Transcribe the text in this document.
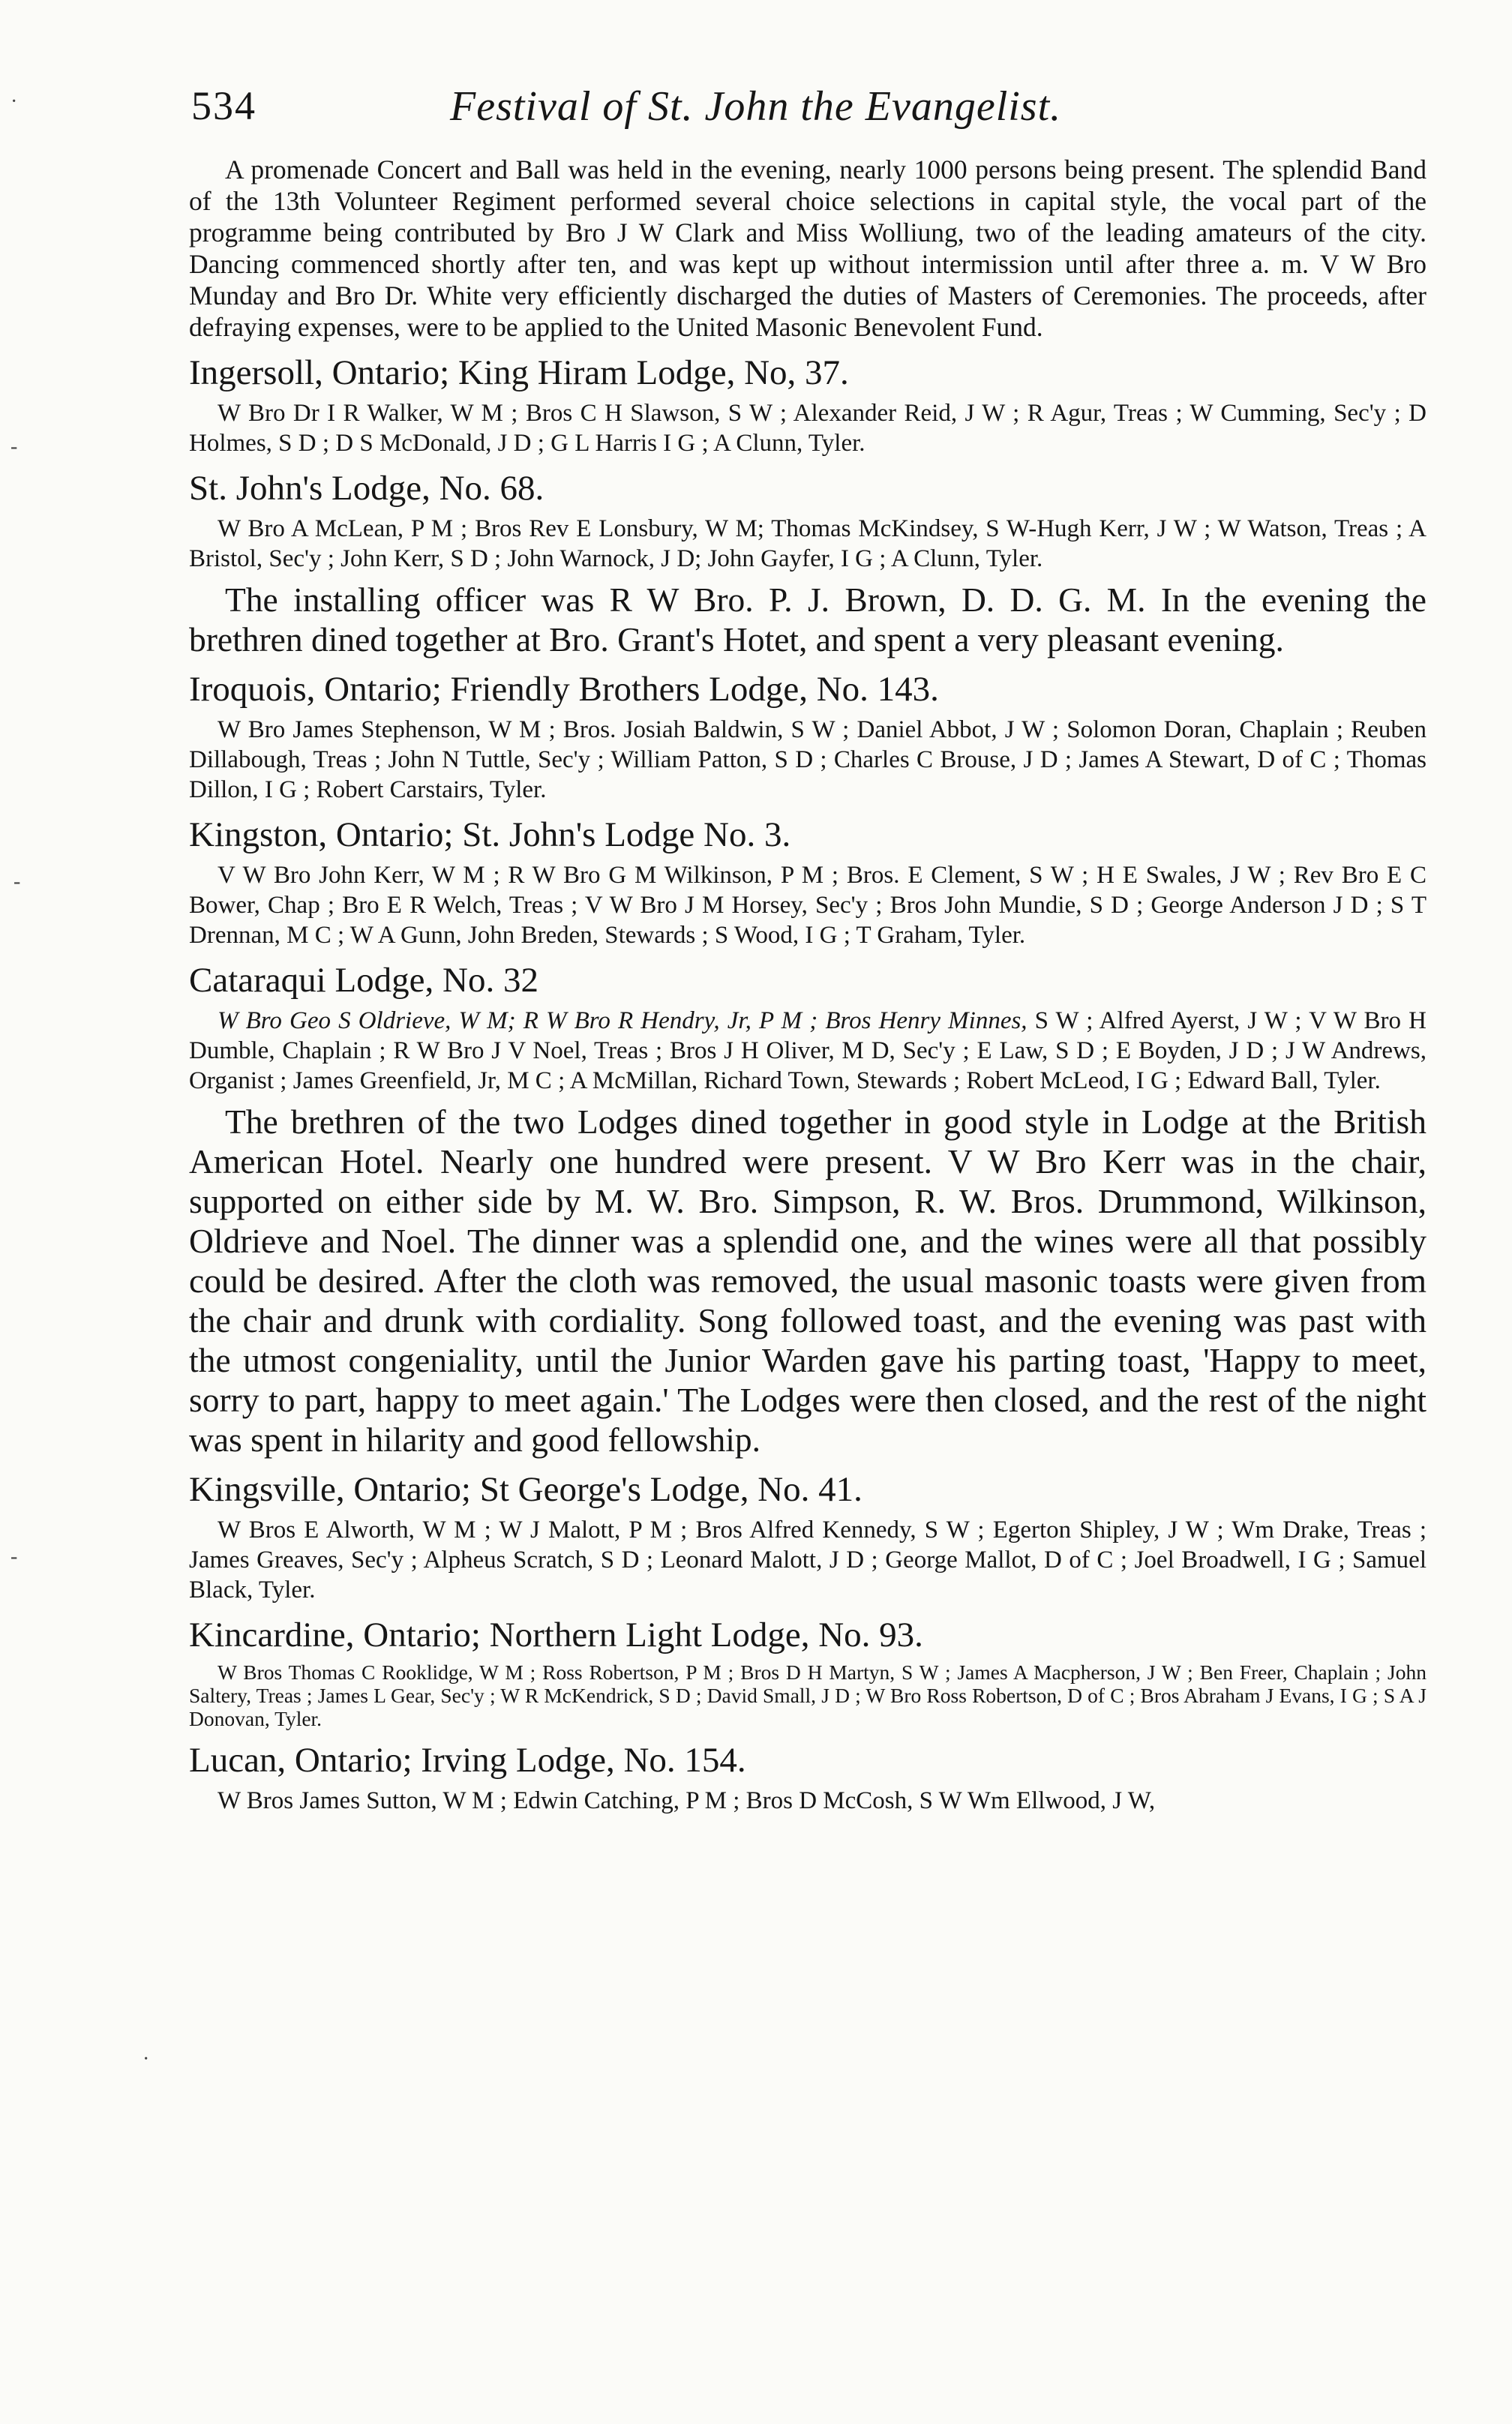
534	Festival of St. John the Evangelist.

A promenade Concert and Ball was held in the evening, nearly 1000 persons being present. The splendid Band of the 13th Volunteer Regiment performed several choice selections in capital style, the vocal part of the programme being contributed by Bro J W Clark and Miss Wolliung, two of the leading amateurs of the city. Dancing commenced shortly after ten, and was kept up without intermission until after three a. m. V W Bro Munday and Bro Dr. White very efficiently discharged the duties of Masters of Ceremonies. The proceeds, after defraying expenses, were to be applied to the United Masonic Benevolent Fund.

Ingersoll, Ontario; King Hiram Lodge, No, 37.

W Bro Dr I R Walker, W M ; Bros C H Slawson, S W ; Alexander Reid, J W ; R Agur, Treas ; W Cumming, Sec'y ; D Holmes, S D ; D S McDonald, J D ; G L Harris I G ; A Clunn, Tyler.

St. John's Lodge, No. 68.

W Bro A McLean, P M ; Bros Rev E Lonsbury, W M; Thomas McKindsey, S W-Hugh Kerr, J W ; W Watson, Treas ; A Bristol, Sec'y ; John Kerr, S D ; John Warnock, J D; John Gayfer, I G ; A Clunn, Tyler.

The installing officer was R W Bro. P. J. Brown, D. D. G. M. In the evening the brethren dined together at Bro. Grant's Hotet, and spent a very pleasant evening.

Iroquois, Ontario; Friendly Brothers Lodge, No. 143.

W Bro James Stephenson, W M ; Bros. Josiah Baldwin, S W ; Daniel Abbot, J W ; Solomon Doran, Chaplain ; Reuben Dillabough, Treas ; John N Tuttle, Sec'y ; William Patton, S D ; Charles C Brouse, J D ; James A Stewart, D of C ; Thomas Dillon, I G ; Robert Carstairs, Tyler.

Kingston, Ontario; St. John's Lodge No. 3.

V W Bro John Kerr, W M ; R W Bro G M Wilkinson, P M ; Bros. E Clement, S W ; H E Swales, J W ; Rev Bro E C Bower, Chap ; Bro E R Welch, Treas ; V W Bro J M Horsey, Sec'y ; Bros John Mundie, S D ; George Anderson J D ; S T Drennan, M C ; W A Gunn, John Breden, Stewards ; S Wood, I G ; T Graham, Tyler.

Cataraqui Lodge, No. 32

W Bro Geo S Oldrieve, W M; R W Bro R Hendry, Jr, P M ; Bros Henry Minnes, S W ; Alfred Ayerst, J W ; V W Bro H Dumble, Chaplain ; R W Bro J V Noel, Treas ; Bros J H Oliver, M D, Sec'y ; E Law, S D ; E Boyden, J D ; J W Andrews, Organist ; James Greenfield, Jr, M C ; A McMillan, Richard Town, Stewards ; Robert McLeod, I G ; Edward Ball, Tyler.

The brethren of the two Lodges dined together in good style in Lodge at the British American Hotel. Nearly one hundred were present. V W Bro Kerr was in the chair, supported on either side by M. W. Bro. Simpson, R. W. Bros. Drummond, Wilkinson, Oldrieve and Noel. The dinner was a splendid one, and the wines were all that possibly could be desired. After the cloth was removed, the usual masonic toasts were given from the chair and drunk with cordiality. Song followed toast, and the evening was past with the utmost congeniality, until the Junior Warden gave his parting toast, 'Happy to meet, sorry to part, happy to meet again.' The Lodges were then closed, and the rest of the night was spent in hilarity and good fellowship.

Kingsville, Ontario; St George's Lodge, No. 41.

W Bros E Alworth, W M ; W J Malott, P M ; Bros Alfred Kennedy, S W ; Egerton Shipley, J W ; Wm Drake, Treas ; James Greaves, Sec'y ; Alpheus Scratch, S D ; Leonard Malott, J D ; George Mallot, D of C ; Joel Broadwell, I G ; Samuel Black, Tyler.

Kincardine, Ontario; Northern Light Lodge, No. 93.

W Bros Thomas C Rooklidge, W M ; Ross Robertson, P M ; Bros D H Martyn, S W ; James A Macpherson, J W ; Ben Freer, Chaplain ; John Saltery, Treas ; James L Gear, Sec'y ; W R McKendrick, S D ; David Small, J D ; W Bro Ross Robertson, D of C ; Bros Abraham J Evans, I G ; S A J Donovan, Tyler.

Lucan, Ontario; Irving Lodge, No. 154.

W Bros James Sutton, W M ; Edwin Catching, P M ; Bros D McCosh, S W Wm Ellwood, J W,

·
-
-
-
·
